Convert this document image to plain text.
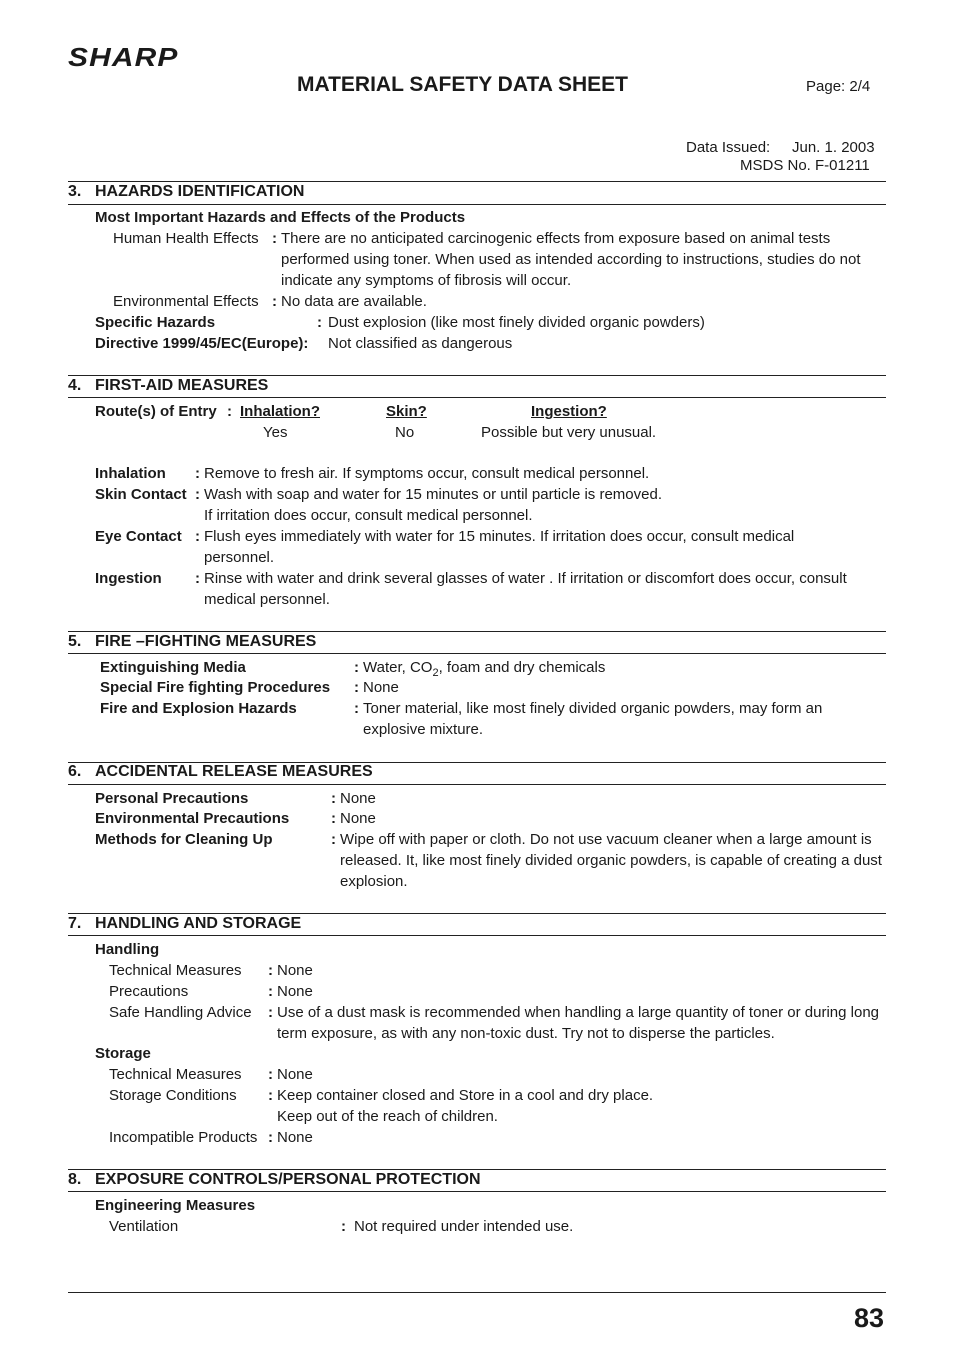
SHARP
MATERIAL SAFETY DATA SHEET	Page: 2/4
Data Issued: Jun. 1. 2003
MSDS No. F-01211
3. HAZARDS IDENTIFICATION
Most Important Hazards and Effects of the Products
Human Health Effects : There are no anticipated carcinogenic effects from exposure based on animal tests performed using toner. When used as intended according to instructions, studies do not indicate any symptoms of fibrosis will occur.
Environmental Effects : No data are available.
Specific Hazards	: Dust explosion (like most finely divided organic powders)
Directive 1999/45/EC(Europe): Not classified as dangerous
4. FIRST-AID MEASURES
Route(s) of Entry : Inhalation?	Skin?	Ingestion?
Yes	No	Possible but very unusual.
Inhalation : Remove to fresh air. If symptoms occur, consult medical personnel.
Skin Contact : Wash with soap and water for 15 minutes or until particle is removed.
If irritation does occur, consult medical personnel.
Eye Contact : Flush eyes immediately with water for 15 minutes. If irritation does occur, consult medical personnel.
Ingestion : Rinse with water and drink several glasses of water . If irritation or discomfort does occur, consult medical personnel.
5. FIRE –FIGHTING MEASURES
Extinguishing Media	: Water, $CO_2$, foam and dry chemicals
Special Fire fighting Procedures : None
Fire and Explosion Hazards	: Toner material, like most finely divided organic powders, may form an explosive mixture.
6. ACCIDENTAL RELEASE MEASURES
Personal Precautions	: None
Environmental Precautions	: None
Methods for Cleaning Up	: Wipe off with paper or cloth. Do not use vacuum cleaner when a large amount is released. It, like most finely divided organic powders, is capable of creating a dust explosion.
7. HANDLING AND STORAGE
Handling
Technical Measures : None
Precautions	: None
Safe Handling Advice : Use of a dust mask is recommended when handling a large quantity of toner or during long term exposure, as with any non-toxic dust. Try not to disperse the particles.
Storage
Technical Measures : None
Storage Conditions : Keep container closed and Store in a cool and dry place.
Keep out of the reach of children.
Incompatible Products : None
8. EXPOSURE CONTROLS/PERSONAL PROTECTION
Engineering Measures
Ventilation	: Not required under intended use.
83
